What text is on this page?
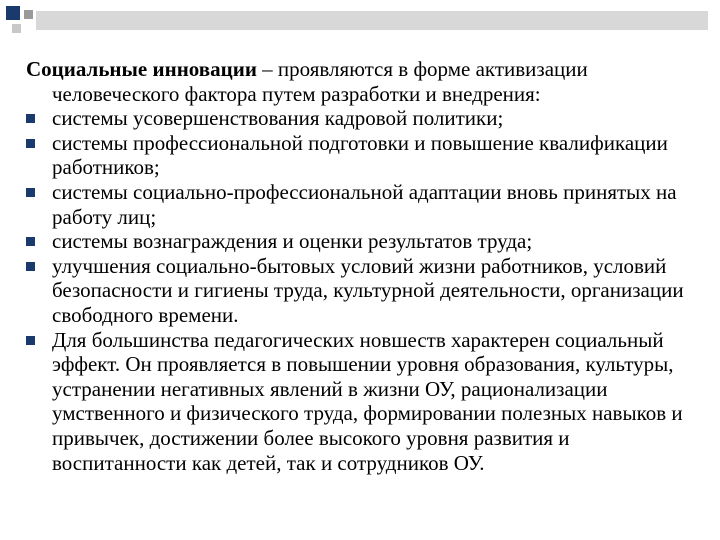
Социальные инновации – проявляются в форме активизации человеческого фактора путем разработки и внедрения:

системы усовершенствования кадровой политики;
системы профессиональной подготовки и повышение квалификации работников;
системы социально-профессиональной адаптации вновь принятых на работу лиц;
системы вознаграждения и оценки результатов труда;
улучшения социально-бытовых условий жизни работников, условий безопасности и гигиены труда, культурной деятельности, организации свободного времени.
Для большинства педагогических новшеств характерен социальный эффект. Он проявляется в повышении уровня образования, культуры, устранении негативных явлений в жизни ОУ, рационализации умственного и физического труда, формировании полезных навыков и привычек, достижении более высокого уровня развития и воспитанности как детей, так и сотрудников ОУ.
